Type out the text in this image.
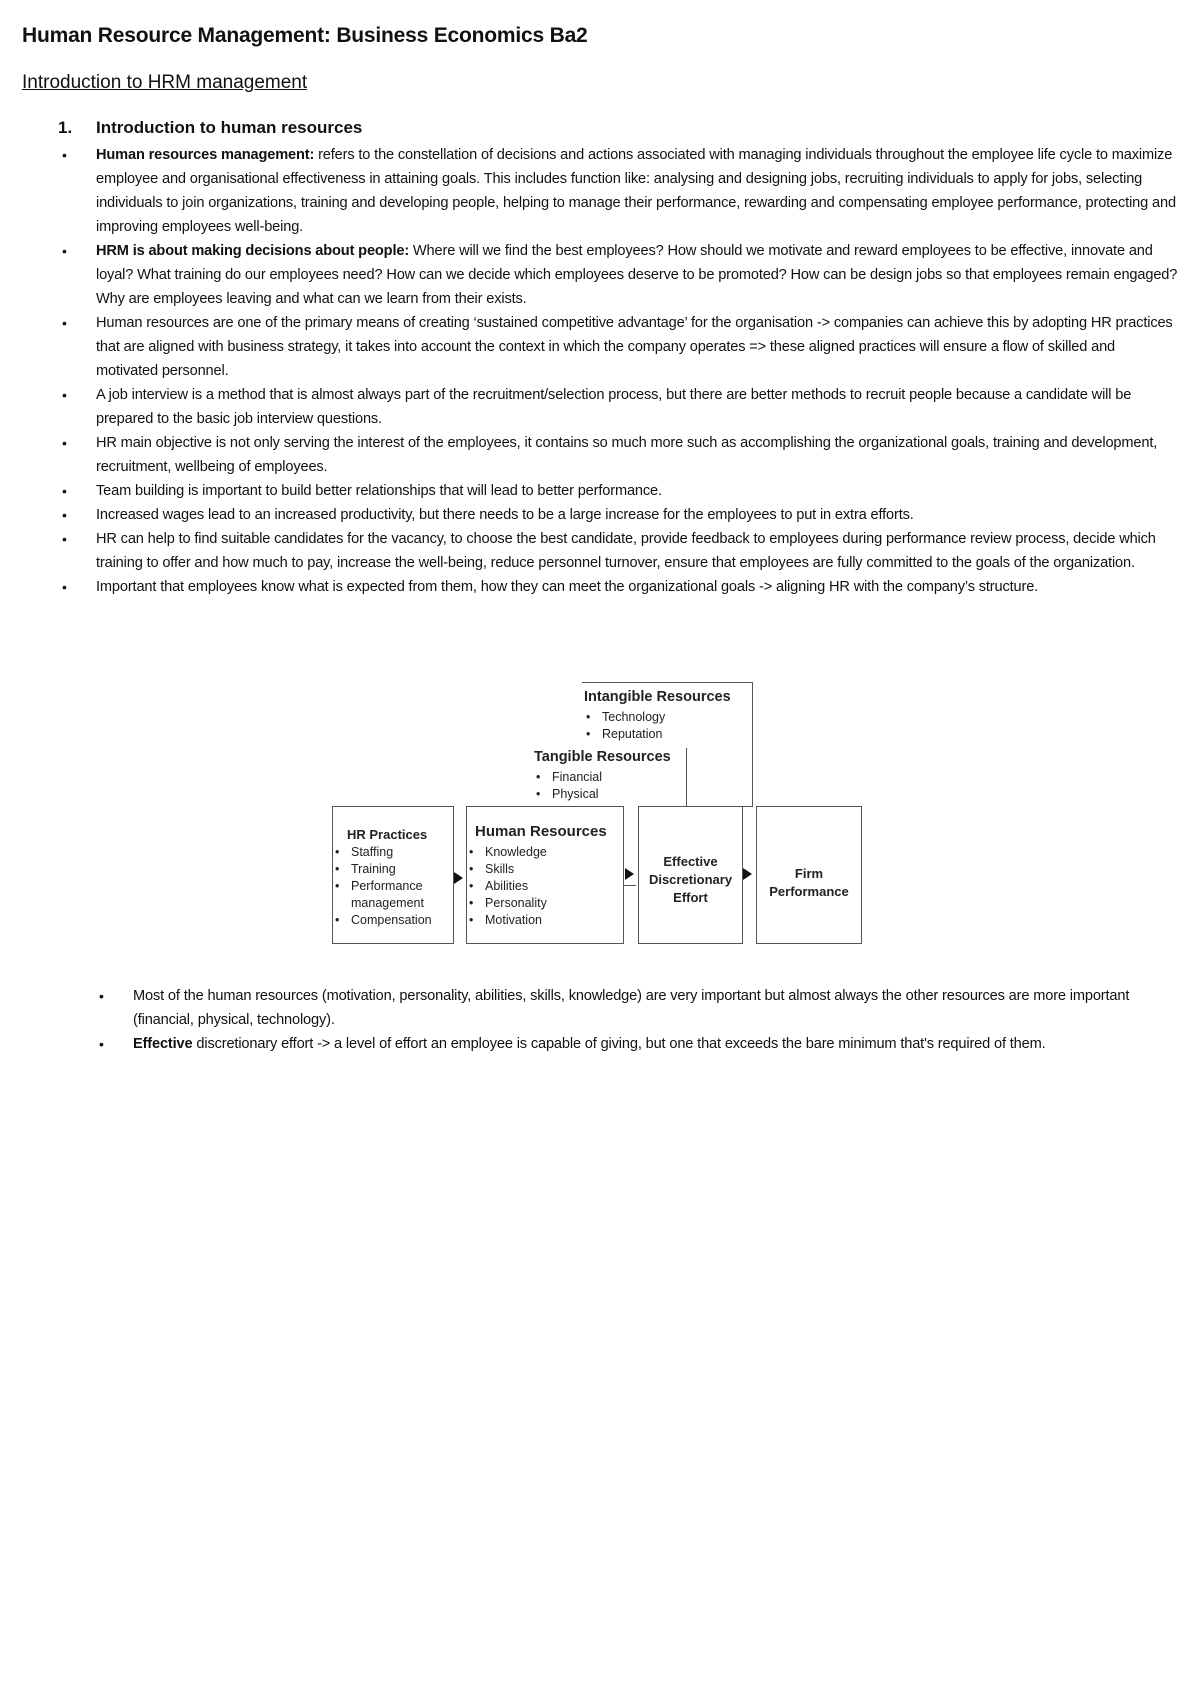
Human Resource Management: Business Economics Ba2
Introduction to HRM management
1. Introduction to human resources
• Human resources management: refers to the constellation of decisions and actions associated with managing individuals throughout the employee life cycle to maximize employee and organisational effectiveness in attaining goals. This includes function like: analysing and designing jobs, recruiting individuals to apply for jobs, selecting individuals to join organizations, training and developing people, helping to manage their performance, rewarding and compensating employee performance, protecting and improving employees well-being.
• HRM is about making decisions about people: Where will we find the best employees? How should we motivate and reward employees to be effective, innovate and loyal? What training do our employees need? How can we decide which employees deserve to be promoted? How can be design jobs so that employees remain engaged? Why are employees leaving and what can we learn from their exists.
• Human resources are one of the primary means of creating ‘sustained competitive advantage’ for the organisation -> companies can achieve this by adopting HR practices that are aligned with business strategy, it takes into account the context in which the company operates => these aligned practices will ensure a flow of skilled and motivated personnel.
• A job interview is a method that is almost always part of the recruitment/selection process, but there are better methods to recruit people because a candidate will be prepared to the basic job interview questions.
• HR main objective is not only serving the interest of the employees, it contains so much more such as accomplishing the organizational goals, training and development, recruitment, wellbeing of employees.
• Team building is important to build better relationships that will lead to better performance.
• Increased wages lead to an increased productivity, but there needs to be a large increase for the employees to put in extra efforts.
• HR can help to find suitable candidates for the vacancy, to choose the best candidate, provide feedback to employees during performance review process, decide which training to offer and how much to pay, increase the well-being, reduce personnel turnover, ensure that employees are fully committed to the goals of the organization.
• Important that employees know what is expected from them, how they can meet the organizational goals -> aligning HR with the company’s structure.
Intangible Resources
• Technology
• Reputation
Tangible Resources
• Financial
• Physical
HR Practices
• Staffing
• Training
• Performance management
• Compensation
Human Resources
• Knowledge
• Skills
• Abilities
• Personality
• Motivation
Effective Discretionary Effort
Firm Performance
• Most of the human resources (motivation, personality, abilities, skills, knowledge) are very important but almost always the other resources are more important (financial, physical, technology).
• Effective discretionary effort -> a level of effort an employee is capable of giving, but one that exceeds the bare minimum that's required of them.
